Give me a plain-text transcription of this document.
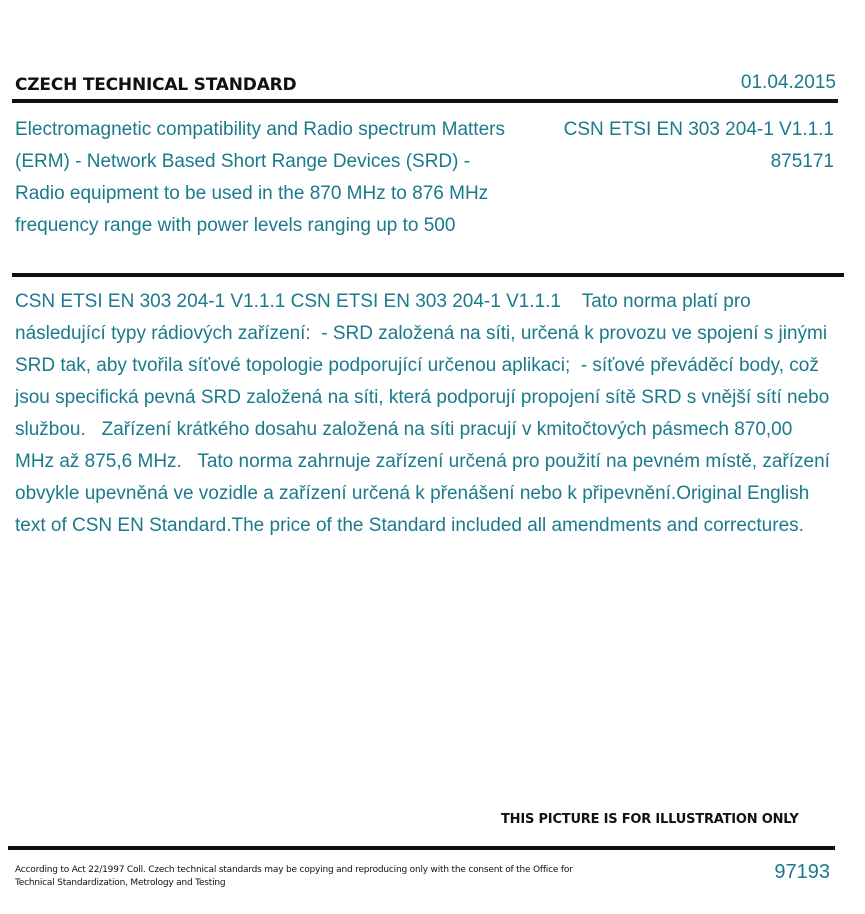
CZECH TECHNICAL STANDARD	01.04.2015
Electromagnetic compatibility and Radio spectrum Matters (ERM) - Network Based Short Range Devices (SRD) - Radio equipment to be used in the 870 MHz to 876 MHz frequency range with power levels ranging up to 500
CSN ETSI EN 303 204-1 V1.1.1
875171
CSN ETSI EN 303 204-1 V1.1.1 CSN ETSI EN 303 204-1 V1.1.1    Tato norma platí pro následující typy rádiových zařízení:  - SRD založená na síti, určená k provozu ve spojení s jinými SRD tak, aby tvořila síťové topologie podporující určenou aplikaci;  - síťové převáděcí body, což jsou specifická pevná SRD založená na síti, která podporují propojení sítě SRD s vnější sítí nebo službou.   Zařízení krátkého dosahu založená na síti pracují v kmitočtových pásmech 870,00 MHz až 875,6 MHz.   Tato norma zahrnuje zařízení určená pro použití na pevném místě, zařízení obvykle upevněná ve vozidle a zařízení určená k přenášení nebo k připevnění.Original English text of CSN EN Standard.The price of the Standard included all amendments and correctures.
THIS PICTURE IS FOR ILLUSTRATION ONLY
According to Act 22/1997 Coll. Czech technical standards may be copying and reproducing only with the consent of the Office for Technical Standardization, Metrology and Testing	97193
